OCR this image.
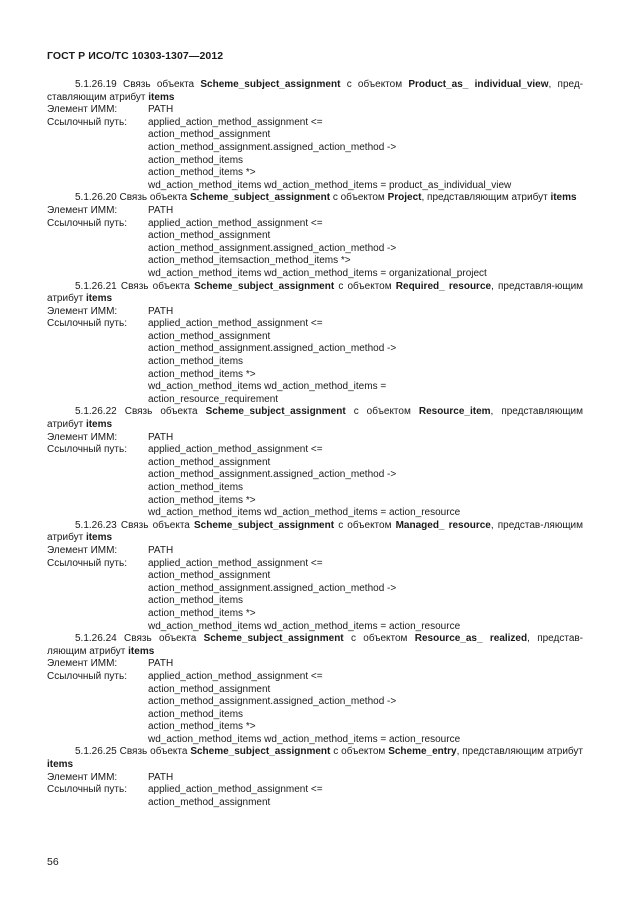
ГОСТ Р ИСО/ТС 10303-1307—2012
5.1.26.19 Связь объекта Scheme_subject_assignment с объектом Product_as_ individual_view, пред-ставляющим атрибут items
Элемент ИММ:	PATH
Ссылочный путь:	applied_action_method_assignment <=
action_method_assignment
action_method_assignment.assigned_action_method ->
action_method_items
action_method_items *>
wd_action_method_items wd_action_method_items = product_as_individual_view
5.1.26.20 Связь объекта Scheme_subject_assignment с объектом Project, представляющим атрибут items
Элемент ИММ:	PATH
Ссылочный путь:	applied_action_method_assignment <=
action_method_assignment
action_method_assignment.assigned_action_method ->
action_method_itemsaction_method_items *>
wd_action_method_items wd_action_method_items = organizational_project
5.1.26.21 Связь объекта Scheme_subject_assignment с объектом Required_ resource, представля-ющим атрибут items
Элемент ИММ:	PATH
Ссылочный путь:	applied_action_method_assignment <=
action_method_assignment
action_method_assignment.assigned_action_method ->
action_method_items
action_method_items *>
wd_action_method_items wd_action_method_items =
action_resource_requirement
5.1.26.22 Связь объекта Scheme_subject_assignment с объектом Resource_item, представляющим атрибут items
Элемент ИММ:	PATH
Ссылочный путь:	applied_action_method_assignment <=
action_method_assignment
action_method_assignment.assigned_action_method ->
action_method_items
action_method_items *>
wd_action_method_items wd_action_method_items = action_resource
5.1.26.23 Связь объекта Scheme_subject_assignment с объектом Managed_ resource, представ-ляющим атрибут items
Элемент ИММ:	PATH
Ссылочный путь:	applied_action_method_assignment <=
action_method_assignment
action_method_assignment.assigned_action_method ->
action_method_items
action_method_items *>
wd_action_method_items wd_action_method_items = action_resource
5.1.26.24 Связь объекта Scheme_subject_assignment с объектом Resource_as_ realized, представ-ляющим атрибут items
Элемент ИММ:	PATH
Ссылочный путь:	applied_action_method_assignment <=
action_method_assignment
action_method_assignment.assigned_action_method ->
action_method_items
action_method_items *>
wd_action_method_items wd_action_method_items = action_resource
5.1.26.25 Связь объекта Scheme_subject_assignment с объектом Scheme_entry, представляющим атрибут items
Элемент ИММ:	PATH
Ссылочный путь:	applied_action_method_assignment <=
action_method_assignment
56
